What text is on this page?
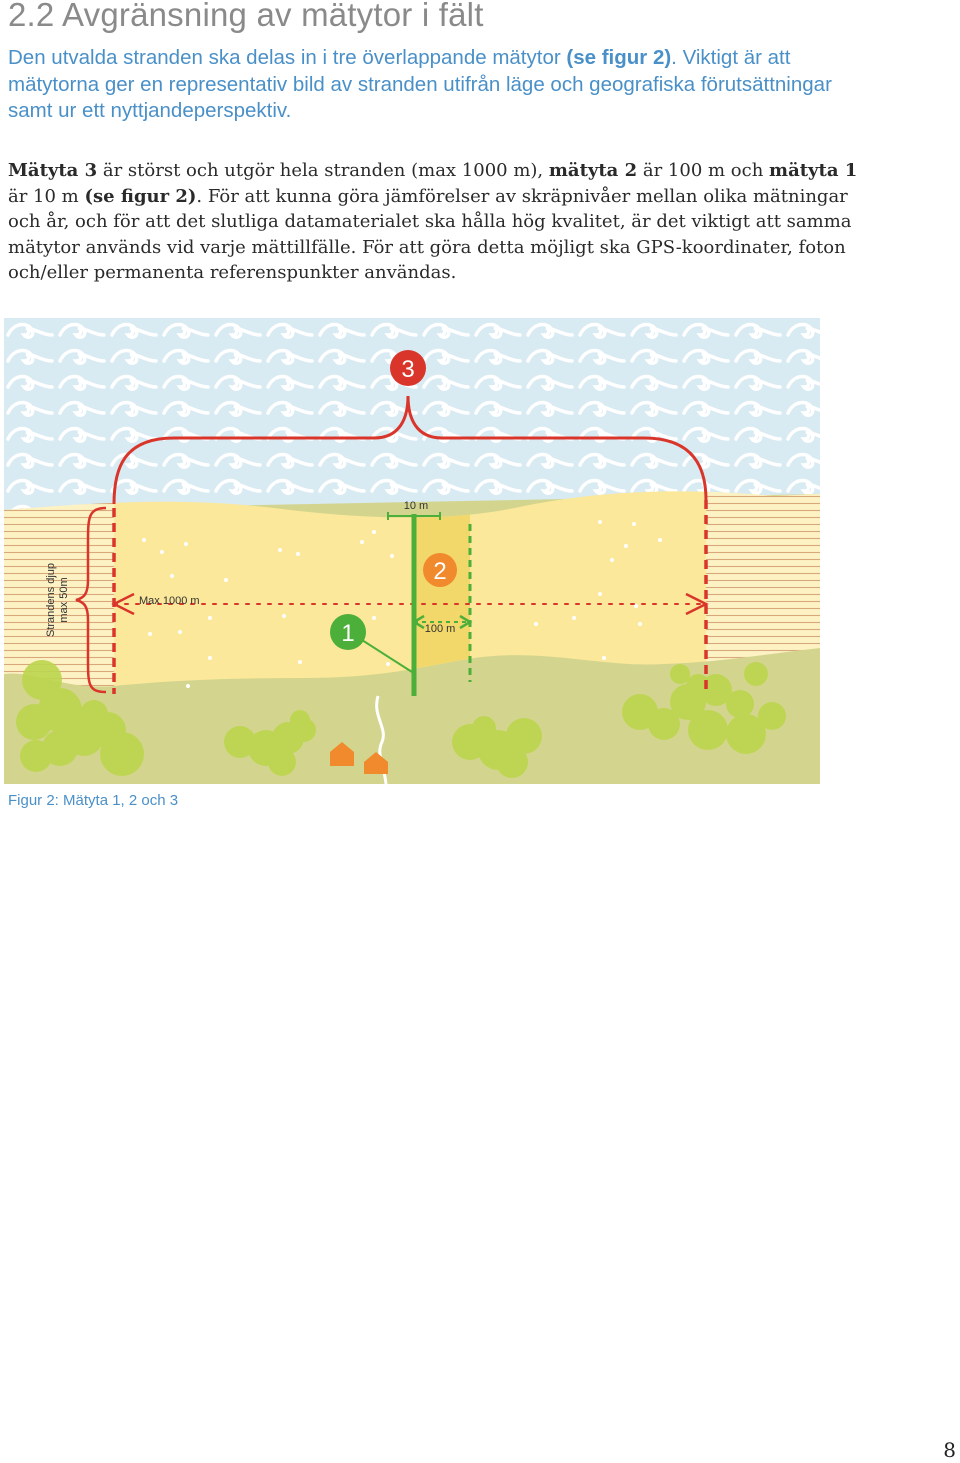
2.2 Avgränsning av mätytor i fält

Den utvalda stranden ska delas in i tre överlappande mätytor (se figur 2). Viktigt är att mätytorna ger en representativ bild av stranden utifrån läge och geografiska förutsättningar samt ur ett nyttjandeperspektiv.

Mätyta 3 är störst och utgör hela stranden (max 1000 m), mätyta 2 är 100 m och mätyta 1 är 10 m (se figur 2). För att kunna göra jämförelser av skräpnivåer mellan olika mätningar och år, och för att det slutliga datamaterialet ska hålla hög kvalitet, är det viktigt att samma mätytor används vid varje mättillfälle. För att göra detta möjligt ska GPS-koordinater, foton och/eller permanenta referenspunkter användas.

3
2
1
10 m
100 m
Max 1000 m
Strandens djup max 50m

Figur 2: Mätyta 1, 2 och 3

8
